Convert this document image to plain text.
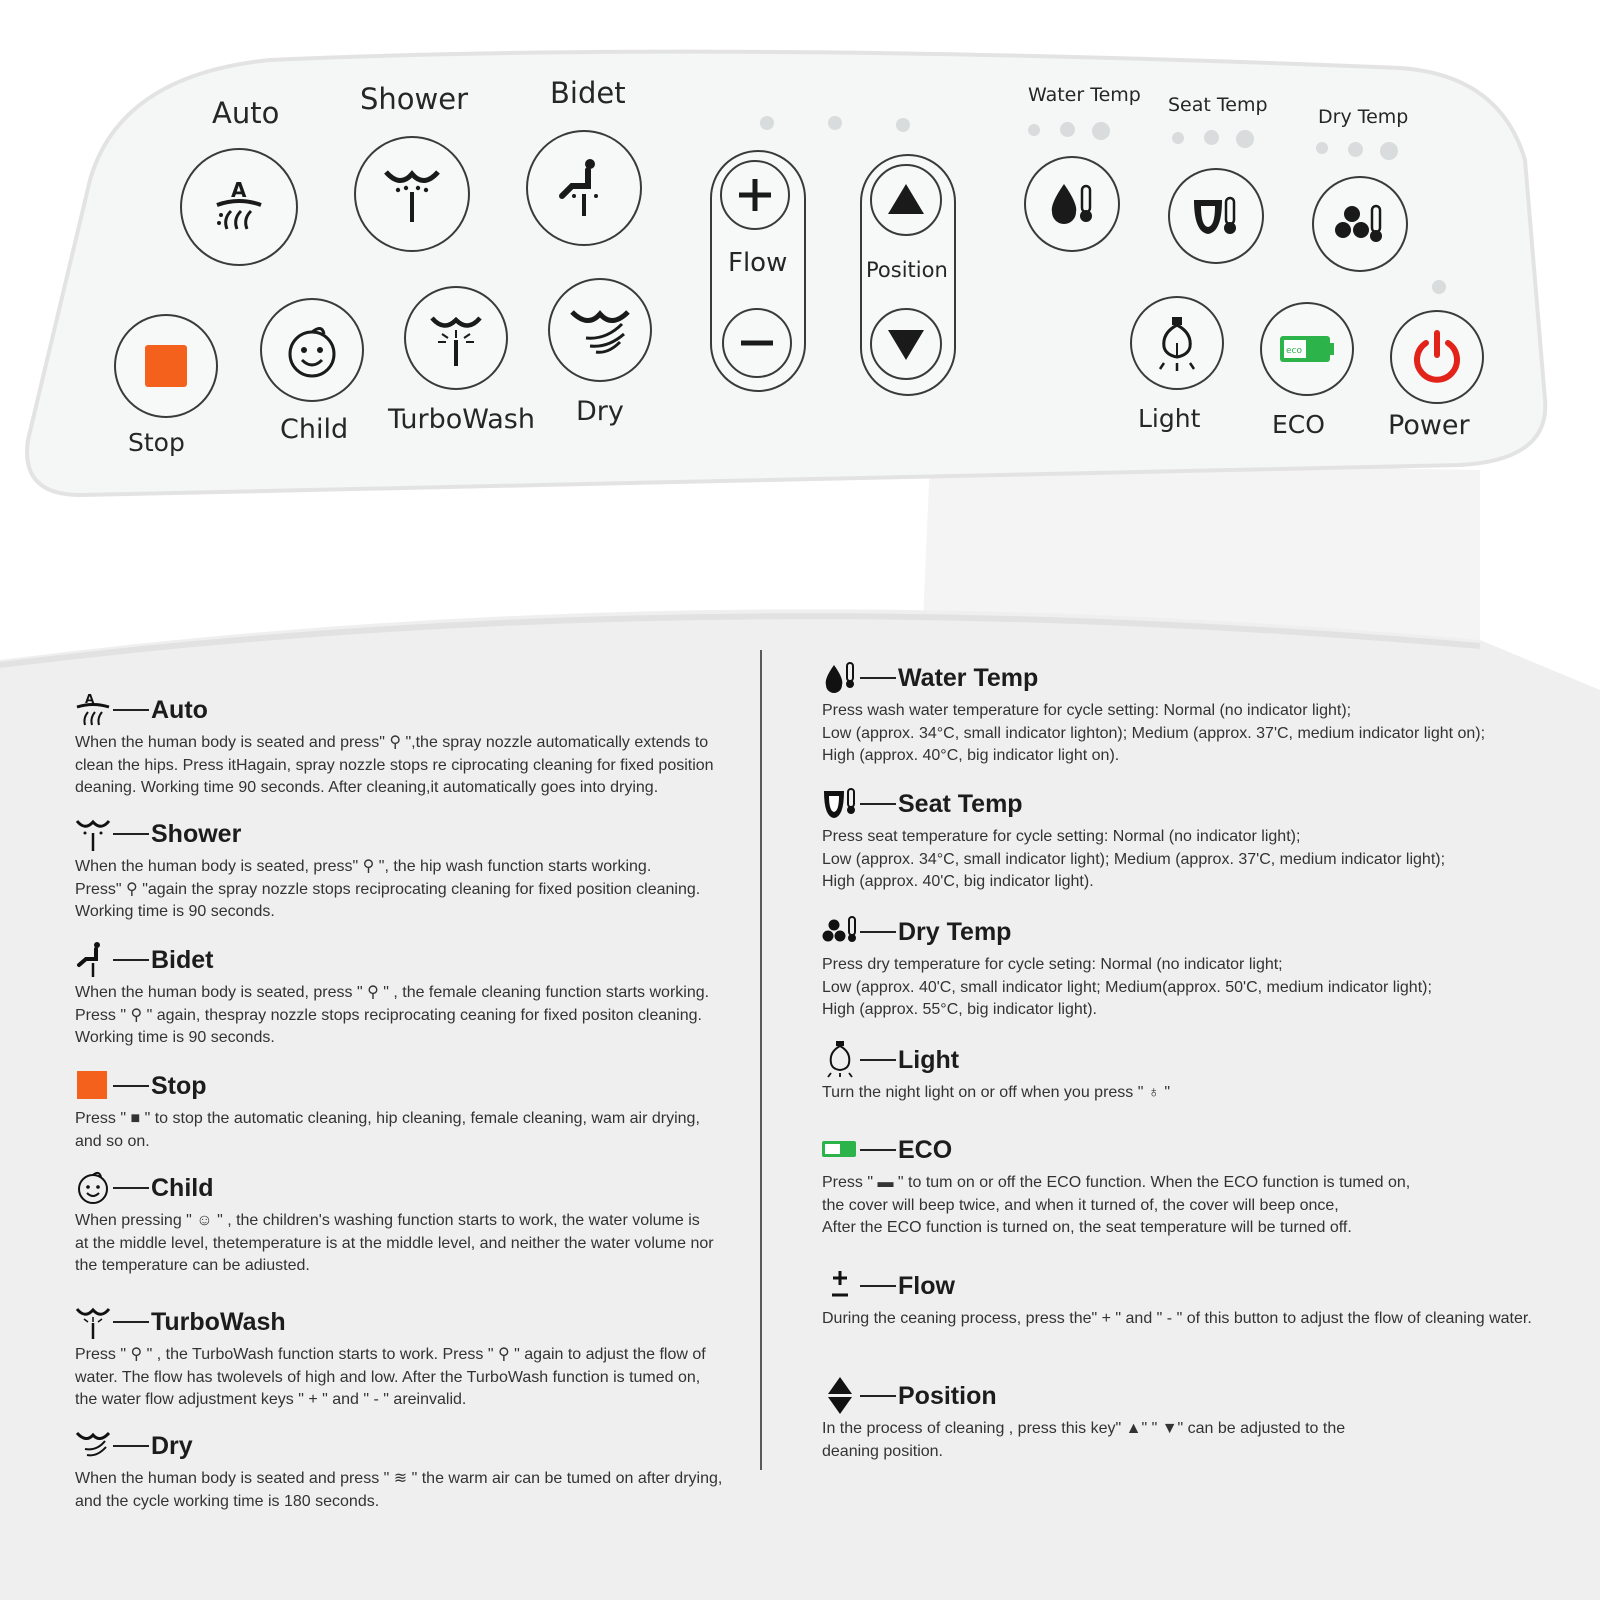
Auto	Shower	Bidet	Water Temp Seat Temp
Dry Temp
A
Flow	Position
Stop	Child TurboWash Dry	Light
eco
ECO Power
Auto
When the human body is seated and press" ⚲ ",the spray nozzle automatically extends to
clean the hips. Press itHagain, spray nozzle stops re ciprocating cleaning for fixed position
deaning. Working time 90 seconds. After cleaning,it automatically goes into drying.
Shower
When the human body is seated, press" ⚲ ", the hip wash function starts working.
Press" ⚲ "again the spray nozzle stops reciprocating cleaning for fixed position cleaning.
Working time is 90 seconds.
Bidet
When the human body is seated, press " ⚲ " , the female cleaning function starts working.
Press " ⚲ " again, thespray nozzle stops reciprocating ceaning for fixed positon cleaning.
Working time is 90 seconds.
Stop
Press " ■ " to stop the automatic cleaning, hip cleaning, female cleaning, wam air drying,
and so on.
Child
When pressing " ☺ " , the children's washing function starts to work, the water volume is
at the middle level, thetemperature is at the middle level, and neither the water volume nor
the temperature can be adiusted.
TurboWash
Press " ⚲ " , the TurboWash function starts to work. Press " ⚲ " again to adjust the flow of
water. The flow has twolevels of high and low. After the TurboWash function is tumed on,
the water flow adjustment keys " + " and " - " areinvalid.
Dry
When the human body is seated and press " ≋ " the warm air can be tumed on after drying,
and the cycle working time is 180 seconds.
Water Temp
Press wash water temperature for cycle setting: Normal (no indicator light);
Low (approx. 34°C, small indicator lighton); Medium (approx. 37'C, medium indicator light on);
High (approx. 40°C, big indicator light on).
Seat Temp
Press seat temperature for cycle setting: Normal (no indicator light);
Low (approx. 34°C, small indicator light); Medium (approx. 37'C, medium indicator light);
High (approx. 40'C, big indicator light).
Dry Temp
Press dry temperature for cycle seting: Normal (no indicator light;
Low (approx. 40'C, small indicator light; Medium(approx. 50'C, medium indicator light);
High (approx. 55°C, big indicator light).
Light
Turn the night light on or off when you press " ♁ "
ECO
Press " ▬ " to tum on or off the ECO function. When the ECO function is tumed on,
the cover will beep twice, and when it turned of, the cover will beep once,
After the ECO function is turned on, the seat temperature will be turned off.
Flow
During the ceaning process, press the" + " and " - " of this button to adjust the flow of cleaning water.
Position
In the process of cleaning , press this key" ▲" " ▼" can be adjusted to the
deaning position.
